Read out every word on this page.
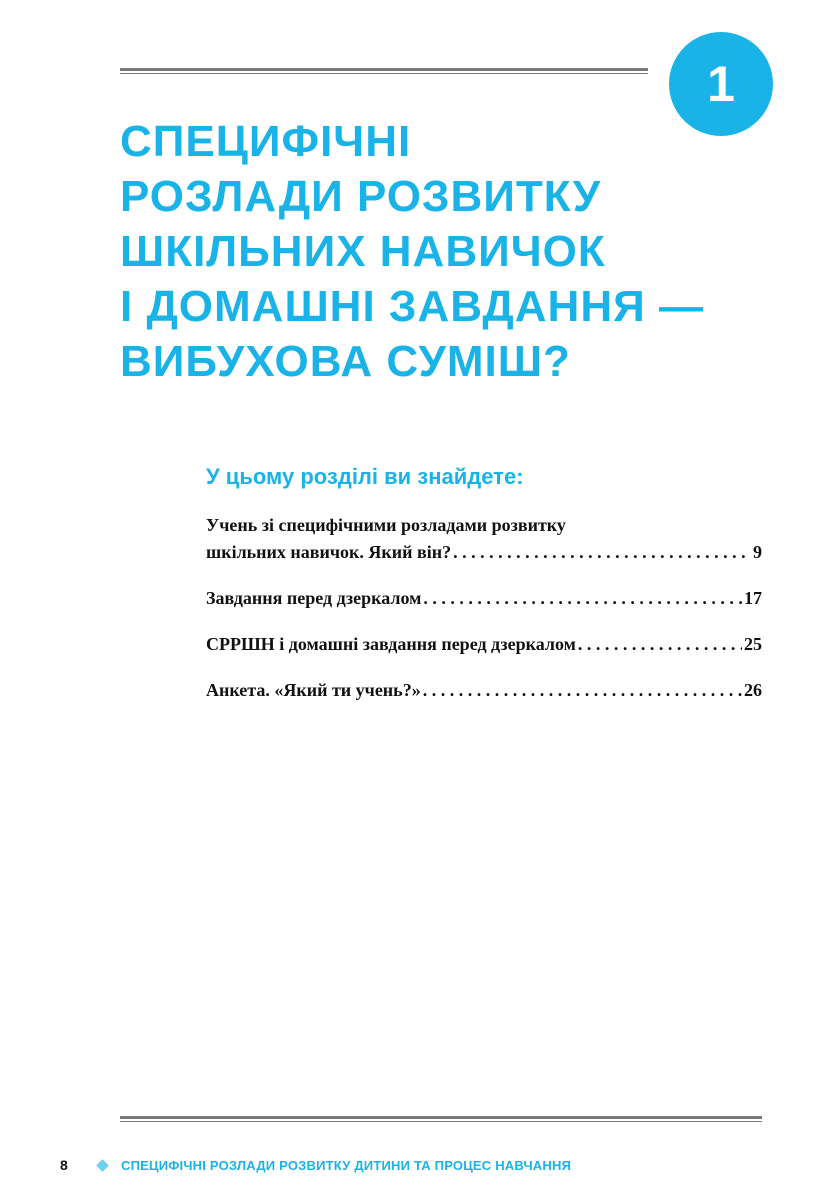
1
СПЕЦИФІЧНІ
РОЗЛАДИ РОЗВИТКУ
ШКІЛЬНИХ НАВИЧОК
І ДОМАШНІ ЗАВДАННЯ —
ВИБУХОВА СУМІШ?
У цьому розділі ви знайдете:
Учень зі специфічними розладами розвитку
шкільних навичок. Який він? . . .	9
Завдання перед дзеркалом . . .	17
СРРШН і домашні завдання перед дзеркалом . . .	25
Анкета. «Який ти учень?» . . .	26
8	СПЕЦИФІЧНІ РОЗЛАДИ РОЗВИТКУ ДИТИНИ ТА ПРОЦЕС НАВЧАННЯ
